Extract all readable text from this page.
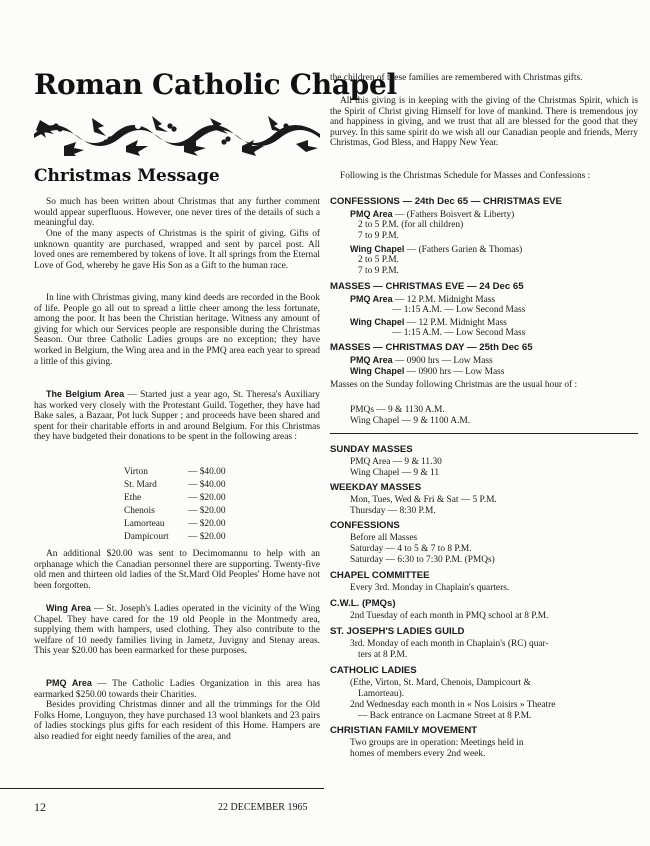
Roman Catholic Chapel
Christmas Message

So much has been written about Christmas that any further comment would appear superfluous. However, one never tires of the details of such a meaningful day.

One of the many aspects of Christmas is the spirit of giving. Gifts of unknown quantity are purchased, wrapped and sent by parcel post. All loved ones are remembered by tokens of love. It all springs from the Eternal Love of God, whereby he gave His Son as a Gift to the human race.

In line with Christmas giving, many kind deeds are recorded in the Book of life. People go all out to spread a little cheer among the less fortunate, among the poor. It has been the Christian heritage. Witness any amount of giving for which our Services people are responsible during the Christmas Season. Our three Catholic Ladies groups are no exception; they have worked in Belgium, the Wing area and in the PMQ area each year to spread a little of this giving.

The Belgium Area — Started just a year ago, St. Theresa's Auxiliary has worked very closely with the Protestant Guild. Together, they have had Bake sales, a Bazaar, Pot luck Supper ; and proceeds have been shared and spent for their charitable efforts in and around Belgium. For this Christmas they have budgeted their donations to be spent in the following areas :

Virton	— $40.00
St. Mard	— $40.00
Ethe	— $20.00
Chenois	— $20.00
Lamorteau — $20.00
Dampicourt — $20.00

An additional $20.00 was sent to Decimomannu to help with an orphanage which the Canadian personnel there are supporting. Twenty-five old men and thirteen old ladies of the St.Mard Old Peoples' Home have not been forgotten.

Wing Area — St. Joseph's Ladies operated in the vicinity of the Wing Chapel. They have cared for the 19 old People in the Montmedy area, supplying them with hampers, used clothing. They also contribute to the welfare of 10 needy families living in Jametz, Juvigny and Stenay areas. This year $20.00 has been earmarked for these purposes.

PMQ Area — The Catholic Ladies Organization in this area has earmarked $250.00 towards their Charities.

Besides providing Christmas dinner and all the trimmings for the Old Folks Home, Longuyon, they have purchased 13 wool blankets and 23 pairs of ladies stockings plus gifts for each resident of this Home. Hampers are also readied for eight needy families of the area, and

the children of these families are remembered with Christmas gifts.

All this giving is in keeping with the giving of the Christmas Spirit, which is the Spirit of Christ giving Himself for love of mankind. There is tremendous joy and happiness in giving, and we trust that all are blessed for the good that they purvey. In this same spirit do we wish all our Canadian people and friends, Merry Christmas, God Bless, and Happy New Year.

Following is the Christmas Schedule for Masses and Confessions :

CONFESSIONS — 24th Dec 65 — CHRISTMAS EVE
PMQ Area — (Fathers Boisvert & Liberty)
2 to 5 P.M. (for all children)
7 to 9 P.M.
Wing Chapel — (Fathers Garien & Thomas)
2 to 5 P.M.
7 to 9 P.M.
MASSES — CHRISTMAS EVE — 24 Dec 65
PMQ Area — 12 P.M. Midnight Mass
— 1:15 A.M. — Low Second Mass
Wing Chapel — 12 P.M. Midnight Mass
— 1:15 A.M. — Low Second Mass
MASSES — CHRISTMAS DAY — 25th Dec 65
PMQ Area — 0900 hrs — Low Mass
Wing Chapel — 0900 hrs — Low Mass

Masses on the Sunday following Christmas are the usual hour of :

PMQs — 9 & 1130 A.M.
Wing Chapel — 9 & 1100 A.M.
SUNDAY MASSES
PMQ Area — 9 & 11.30
Wing Chapel — 9 & 11
WEEKDAY MASSES
Mon, Tues, Wed & Fri & Sat — 5 P.M.
Thursday — 8:30 P.M.
CONFESSIONS
Before all Masses
Saturday — 4 to 5 & 7 to 8 P.M.
Saturday — 6:30 to 7:30 P.M. (PMQs)
CHAPEL COMMITTEE
Every 3rd. Monday in Chaplain's quarters.
C.W.L. (PMQs)
2nd Tuesday of each month in PMQ school at 8 P.M.
ST. JOSEPH'S LADIES GUILD
3rd. Monday of each month in Chaplain's (RC) quar-
ters at 8 P.M.
CATHOLIC LADIES
(Ethe, Virton, St. Mard, Chenois, Dampicourt &
Lamorteau).
2nd Wednesday each month in « Nos Loisirs » Theatre
— Back entrance on Lacmane Street at 8 P.M.
CHRISTIAN FAMILY MOVEMENT
Two groups are in operation: Meetings held in
homes of members every 2nd week.
12	22 DECEMBER 1965
